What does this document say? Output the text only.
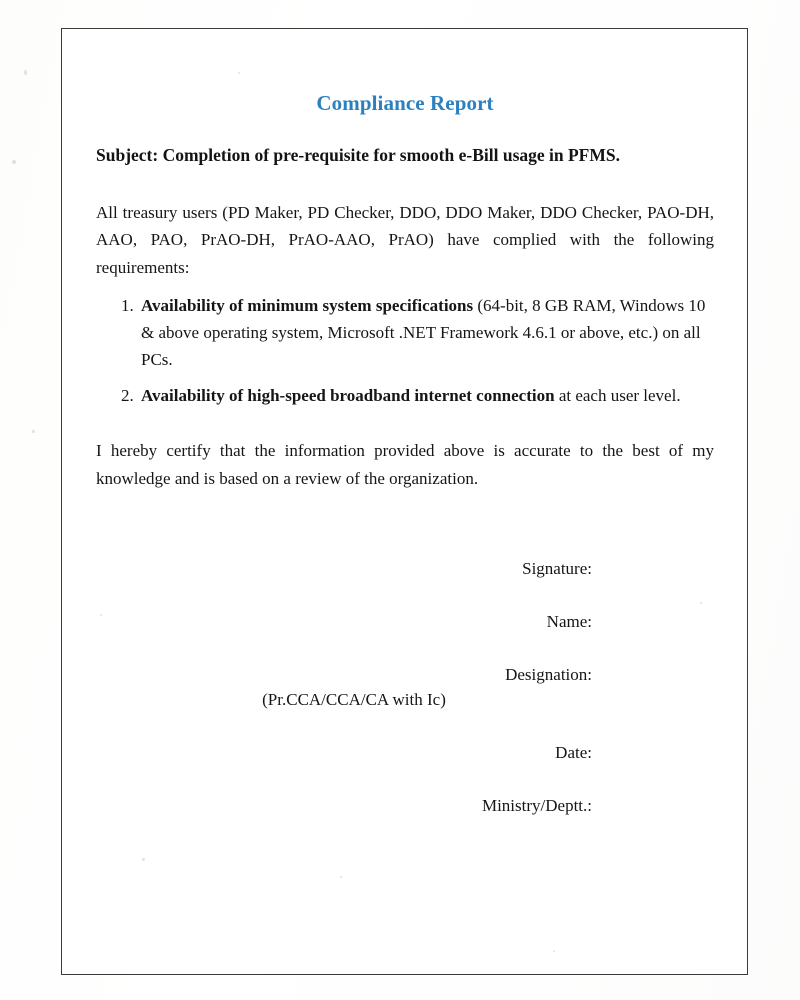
Compliance Report
Subject: Completion of pre-requisite for smooth e-Bill usage in PFMS.
All treasury users (PD Maker, PD Checker, DDO, DDO Maker, DDO Checker, PAO-DH, AAO, PAO, PrAO-DH, PrAO-AAO, PrAO) have complied with the following requirements:
1. Availability of minimum system specifications (64-bit, 8 GB RAM, Windows 10 & above operating system, Microsoft .NET Framework 4.6.1 or above, etc.) on all PCs.
2. Availability of high-speed broadband internet connection at each user level.
I hereby certify that the information provided above is accurate to the best of my knowledge and is based on a review of the organization.
Signature:
Name:
Designation:
(Pr.CCA/CCA/CA with Ic)
Date:
Ministry/Deptt.:
